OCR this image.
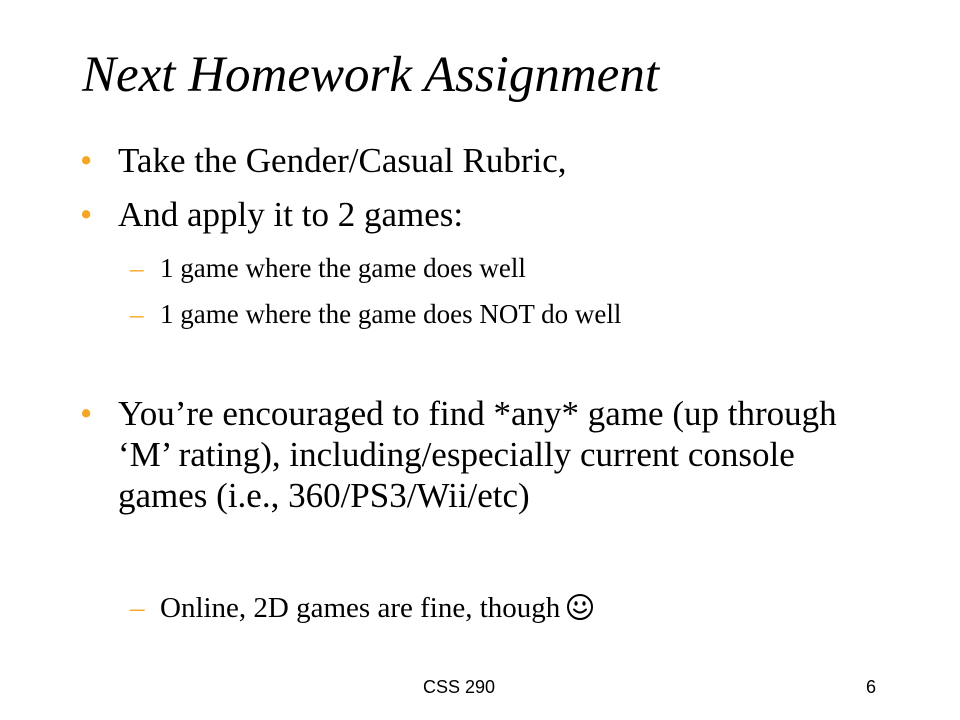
Next Homework Assignment
• Take the Gender/Casual Rubric,
• And apply it to 2 games:
– 1 game where the game does well
– 1 game where the game does NOT do well
• You’re encouraged to find *any* game (up through ‘M’ rating), including/especially current console games (i.e., 360/PS3/Wii/etc)
– Online, 2D games are fine, though
CSS 290	6
